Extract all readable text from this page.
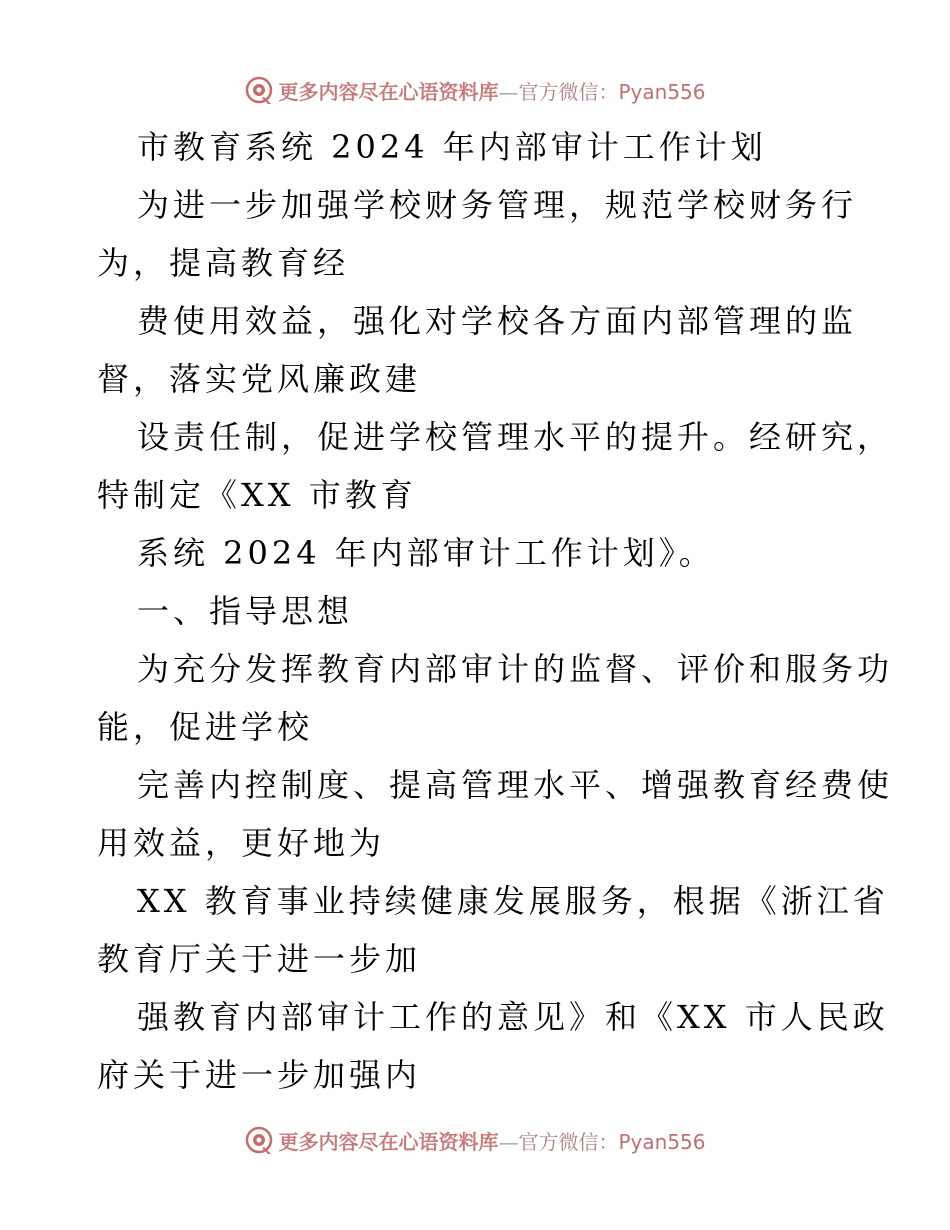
更多内容尽在心语资料库—官方微信：Pyan556
市教育系统 2024 年内部审计工作计划
为进一步加强学校财务管理，规范学校财务行
为，提高教育经
费使用效益，强化对学校各方面内部管理的监
督，落实党风廉政建
设责任制，促进学校管理水平的提升。经研究，
特制定《XX 市教育
系统 2024 年内部审计工作计划》。
一、指导思想
为充分发挥教育内部审计的监督、评价和服务功
能，促进学校
完善内控制度、提高管理水平、增强教育经费使
用效益，更好地为
XX 教育事业持续健康发展服务，根据《浙江省
教育厅关于进一步加
强教育内部审计工作的意见》和《XX 市人民政
府关于进一步加强内
更多内容尽在心语资料库—官方微信：Pyan556
